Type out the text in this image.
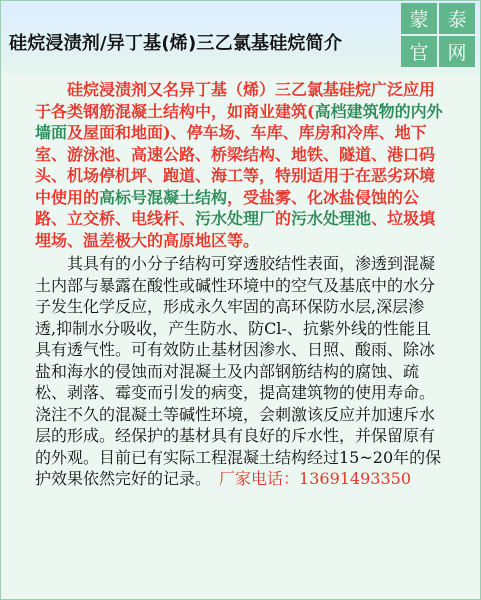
硅烷浸渍剂/异丁基(烯)三乙氯基硅烷简介
蒙 泰
官 网

硅烷浸渍剂又名异丁基（烯）三乙氯基硅烷广泛应用于各类钢筋混凝土结构中，如商业建筑(高档建筑物的内外墙面及屋面和地面)、停车场、车库、库房和冷库、地下室、游泳池、高速公路、桥梁结构、地铁、隧道、港口码头、机场停机坪、跑道、海工等，特别适用于在恶劣环境中使用的高标号混凝土结构，受盐雾、化冰盐侵蚀的公路、立交桥、电线杆、污水处理厂的污水处理池、垃圾填埋场、温差极大的高原地区等。

其具有的小分子结构可穿透胶结性表面，渗透到混凝土内部与暴露在酸性或碱性环境中的空气及基底中的水分子发生化学反应，形成永久牢固的高环保防水层,深层渗透,抑制水分吸收，产生防水、防Cl-、抗紫外线的性能且具有透气性。可有效防止基材因渗水、日照、酸雨、除冰盐和海水的侵蚀而对混凝土及内部钢筋结构的腐蚀、疏松、剥落、霉变而引发的病变，提高建筑物的使用寿命。浇注不久的混凝土等碱性环境，会刺激该反应并加速斥水层的形成。经保护的基材具有良好的斥水性，并保留原有的外观。目前已有实际工程混凝土结构经过15~20年的保护效果依然完好的记录。　 厂家电话：13691493350
